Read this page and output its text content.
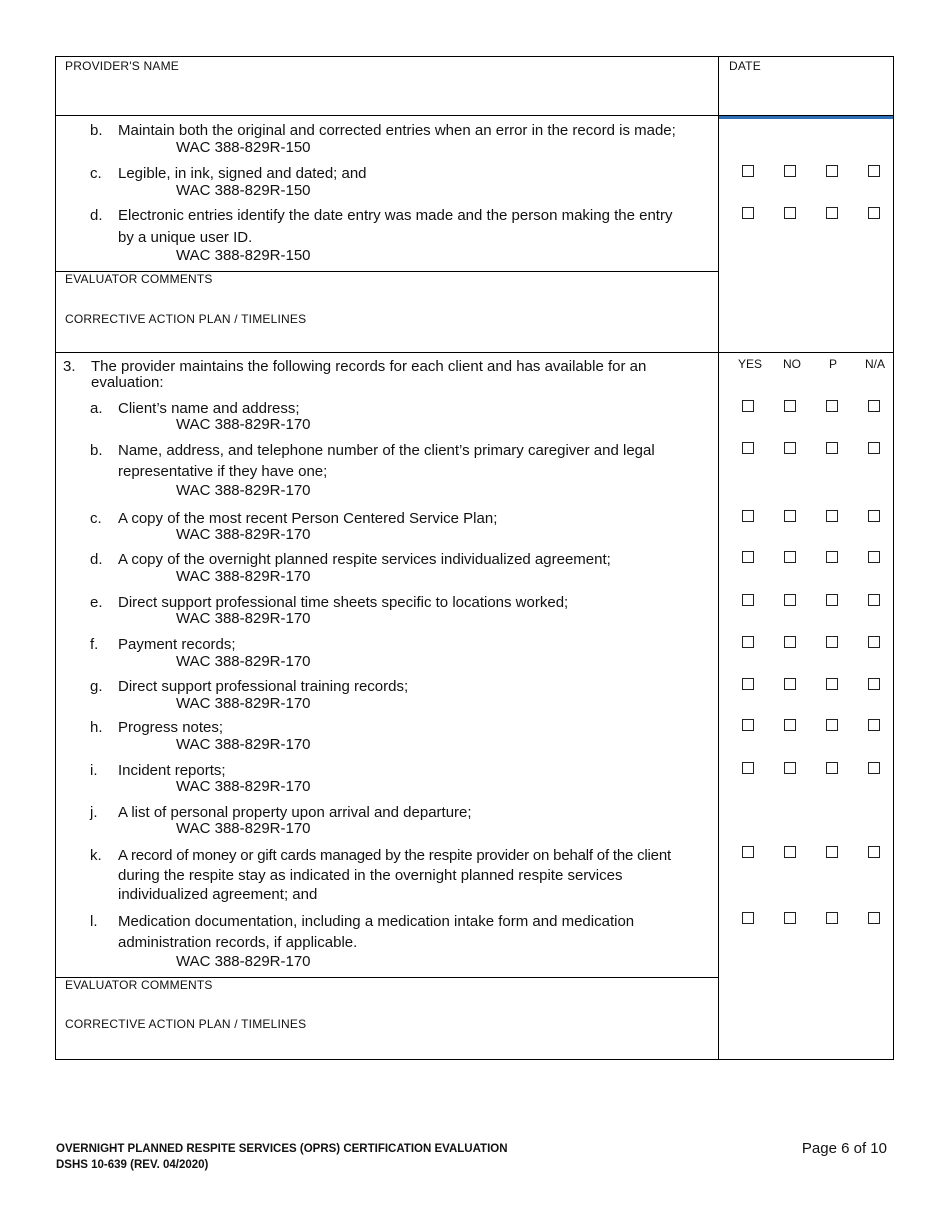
PROVIDER'S NAME	DATE
b. Maintain both the original and corrected entries when an error in the record is made;
WAC 388-829R-150
c. Legible, in ink, signed and dated; and
WAC 388-829R-150
d. Electronic entries identify the date entry was made and the person making the entry
by a unique user ID.
WAC 388-829R-150
EVALUATOR COMMENTS
CORRECTIVE ACTION PLAN / TIMELINES
3. The provider maintains the following records for each client and has available for an
evaluation:
YES	NO	P	N/A
a. Client’s name and address;
WAC 388-829R-170
b. Name, address, and telephone number of the client’s primary caregiver and legal
representative if they have one;
WAC 388-829R-170
c. A copy of the most recent Person Centered Service Plan;
WAC 388-829R-170
d. A copy of the overnight planned respite services individualized agreement;
WAC 388-829R-170
e. Direct support professional time sheets specific to locations worked;
WAC 388-829R-170
f. Payment records;
WAC 388-829R-170
g. Direct support professional training records;
WAC 388-829R-170
h. Progress notes;
WAC 388-829R-170
i. Incident reports;
WAC 388-829R-170
j. A list of personal property upon arrival and departure;
WAC 388-829R-170
k. A record of money or gift cards managed by the respite provider on behalf of the client
during the respite stay as indicated in the overnight planned respite services
individualized agreement; and
l. Medication documentation, including a medication intake form and medication
administration records, if applicable.
WAC 388-829R-170
EVALUATOR COMMENTS
CORRECTIVE ACTION PLAN / TIMELINES
OVERNIGHT PLANNED RESPITE SERVICES (OPRS) CERTIFICATION EVALUATION
DSHS 10-639 (REV. 04/2020)
Page 6 of 10
